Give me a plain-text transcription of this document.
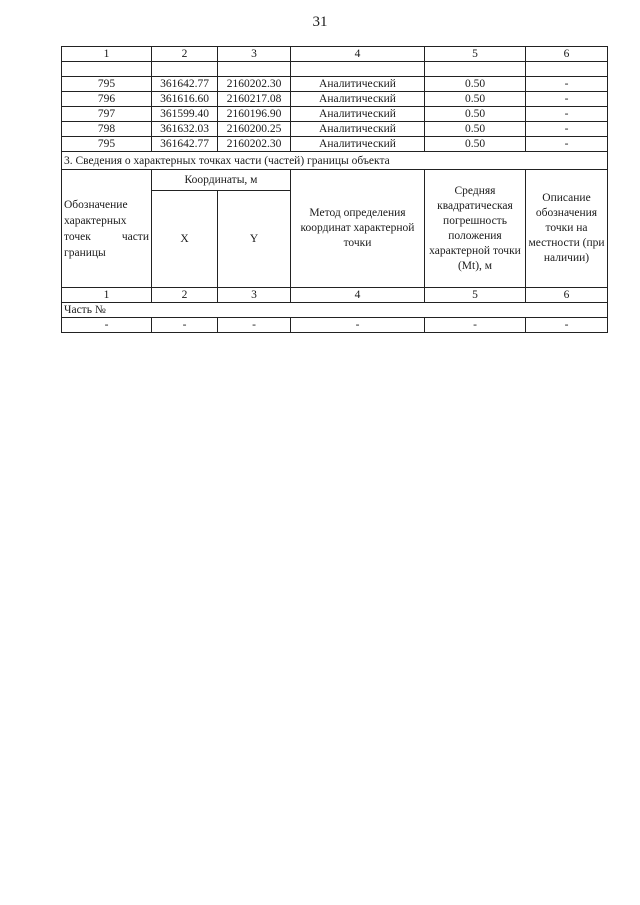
31
1	2	3	4	5	6

795	361642.77	2160202.30	Аналитический	0.50	-
796	361616.60	2160217.08	Аналитический	0.50	-
797	361599.40	2160196.90	Аналитический	0.50	-
798	361632.03	2160200.25	Аналитический	0.50	-
795	361642.77	2160202.30	Аналитический	0.50	-
3. Сведения о характерных точках части (частей) границы объекта					
Обозначение характерных точек части границы	Координаты, м		Метод определения координат характерной точки	Средняя квадратическая погрешность положения характерной точки (Mt), м	Описание обозначения точки на местности (при наличии)
	X	Y			
1	2	3	4	5	6
Часть №					
-	-	-	-	-	-
